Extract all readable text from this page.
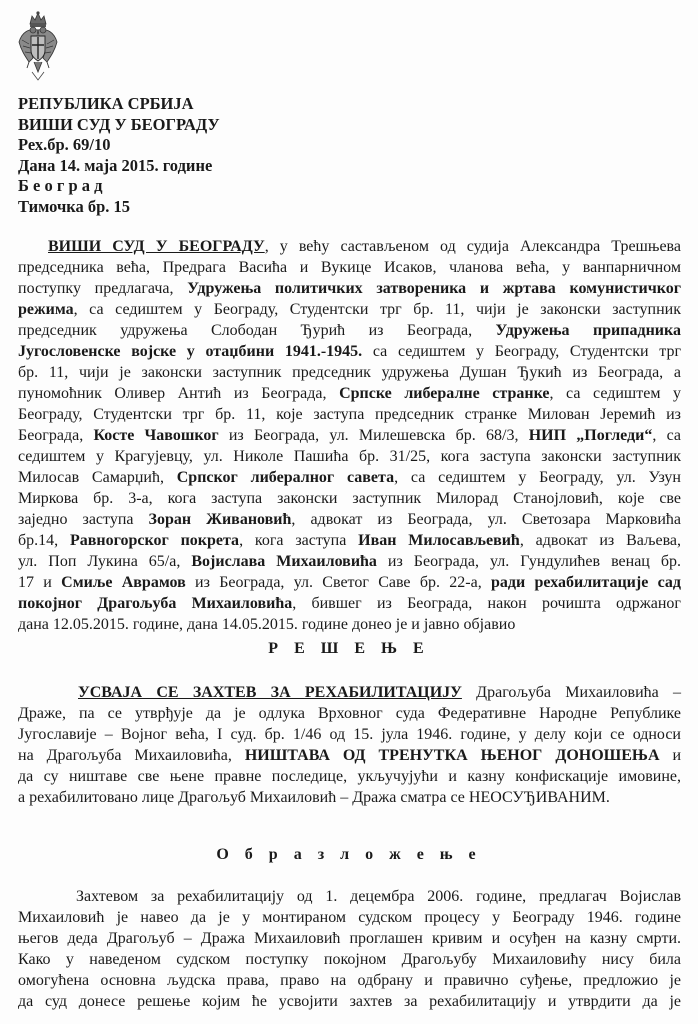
РЕПУБЛИКА СРБИЈА
ВИШИ СУД У БЕОГРАДУ
Рех.бр. 69/10
Дана 14. маја 2015. године
Б е о г р а д
Тимочка бр. 15
ВИШИ СУД У БЕОГРАДУ, у већу састављеном од судија Александра Трешњева
председника већа, Предрага Васића и Вукице Исаков, чланова већа, у ванпарничном
поступку предлагача, Удружења политичких затвореника и жртава комунистичког
режима, са седиштем у Београду, Студентски трг бр. 11, чији је законски заступник
председник удружења Слободан Ђурић из Београда, Удружења припадника
Југословенске војске у отаџбини 1941.-1945. са седиштем у Београду, Студентски трг
бр. 11, чији је законски заступник председник удружења Душан Ђукић из Београда, а
пуномоћник Оливер Антић из Београда, Српске либералне странке, са седиштем у
Београду, Студентски трг бр. 11, које заступа председник странке Милован Јеремић из
Београда, Косте Чавошког из Београда, ул. Милешевска бр. 68/3, НИП „Погледи“, са
седиштем у Крагујевцу, ул. Николе Пашића бр. 31/25, кога заступа законски заступник
Милосав Самарџић, Српског либералног савета, са седиштем у Београду, ул. Узун
Миркова бр. 3-а, кога заступа законски заступник Милорад Станојловић, које све
заједно заступа Зоран Живановић, адвокат из Београда, ул. Светозара Марковића
бр.14, Равногорског покрета, кога заступа Иван Милосављевић, адвокат из Ваљева,
ул. Поп Лукина 65/а, Војислава Михаиловића из Београда, ул. Гундулићев венац бр.
17 и Смиље Аврамов из Београда, ул. Светог Саве бр. 22-а, ради рехабилитације сад
покојног Драгољуба Михаиловића, бившег из Београда, након рочишта одржаног
дана 12.05.2015. године, дана 14.05.2015. године донео је и јавно објавио
Р Е Ш Е Њ Е
УСВАЈА СЕ ЗАХТЕВ ЗА РЕХАБИЛИТАЦИЈУ Драгољуба Михаиловића –
Драже, па се утврђује да је одлука Врховног суда Федеративне Народне Републике
Југославије – Војног већа, I суд. бр. 1/46 од 15. јула 1946. године, у делу који се односи
на Драгољуба Михаиловића, НИШТАВА ОД ТРЕНУТКА ЊЕНОГ ДОНОШЕЊА и
да су ништаве све њене правне последице, укључујући и казну конфискације имовине,
а рехабилитовано лице Драгољуб Михаиловић – Дража сматра се НЕОСУЂИВАНИМ.
О б р а з л о ж е њ е
Захтевом за рехабилитацију од 1. децембра 2006. године, предлагач Војислав
Михаиловић је навео да је у монтираном судском процесу у Београду 1946. године
његов деда Драгољуб – Дража Михаиловић проглашен кривим и осуђен на казну смрти.
Како у наведеном судском поступку покојном Драгољубу Михаиловићу нису била
омогућена основна људска права, право на одбрану и правично суђење, предложио је
да суд донесе решење којим ће усвојити захтев за рехабилитацију и утврдити да је
